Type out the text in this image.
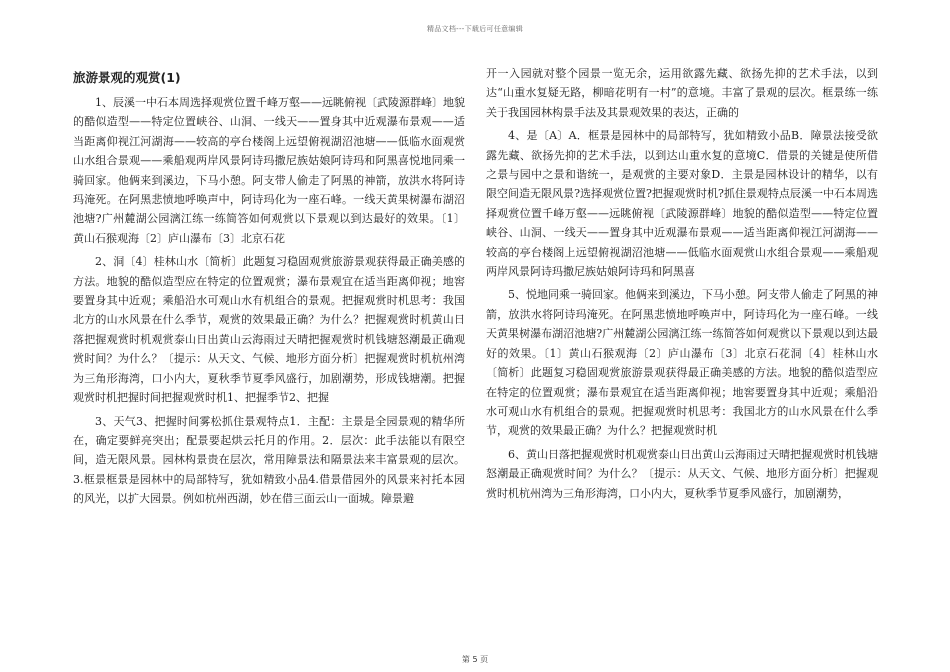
精品文档---下载后可任意编辑
旅游景观的观赏(1)

1、辰溪一中石本周选择观赏位置千峰万壑——远眺俯视〔武陵源群峰〕地貌的酷似造型——特定位置峡谷、山洞、一线天——置身其中近观瀑布景观——适当距离仰视江河湖海——较高的亭台楼阁上远望俯视湖沼池塘——低临水面观赏山水组合景观——乘船观两岸风景阿诗玛撒尼族姑娘阿诗玛和阿黑喜悦地同乘一骑回家。他俩来到溪边，下马小憩。阿支带人偷走了阿黑的神箭，放洪水将阿诗玛淹死。在阿黑悲愤地呼唤声中，阿诗玛化为一座石峰。一线天黄果树瀑布湖沼池塘?广州麓湖公园漓江练一练简答如何观赏以下景观以到达最好的效果。〔1〕黄山石猴观海〔2〕庐山瀑布〔3〕北京石花

2、洞〔4〕桂林山水〔简析〕此题复习稳固观赏旅游景观获得最正确美感的方法。地貌的酷似造型应在特定的位置观赏；瀑布景观宜在适当距离仰视；地窖要置身其中近观；乘船沿水可观山水有机组合的景观。把握观赏时机思考：我国北方的山水风景在什么季节，观赏的效果最正确？为什么？把握观赏时机黄山日落把握观赏时机观赏泰山日出黄山云海雨过天晴把握观赏时机钱塘怒潮最正确观赏时间？为什么？〔提示：从天文、气候、地形方面分析〕把握观赏时机杭州湾为三角形海湾，口小内大，夏秋季节夏季风盛行，加剧潮势，形成钱塘潮。把握观赏时机把握时间把握观赏时机1、把握季节2、把握

3、天气3、把握时间雾松抓住景观特点1．主配：主景是全园景观的精华所在，确定要鲜亮突出；配景要起烘云托月的作用。2．层次：此手法能以有限空间，造无限风景。园林构景贵在层次，常用障景法和隔景法来丰富景观的层次。3.框景框景是园林中的局部特写，犹如精致小品4.借景借园外的风景来衬托本园的风光，以扩大园景。例如杭州西湖，妙在借三面云山一面城。障景避

开一入园就对整个园景一览无余，运用欲露先藏、欲扬先抑的艺术手法，以到达“山重水复疑无路，柳暗花明有一村”的意境。丰富了景观的层次。框景练一练关于我国园林构景手法及其景观效果的表达，正确的

4、是〔A〕A．框景是园林中的局部特写，犹如精致小品B．障景法接受欲露先藏、欲扬先抑的艺术手法，以到达山重水复的意境C．借景的关键是使所借之景与园中之景和谐统一，是观赏的主要对象D．主景是园林设计的精华，以有限空间造无限风景?选择观赏位置?把握观赏时机?抓住景观特点辰溪一中石本周选择观赏位置千峰万壑——远眺俯视〔武陵源群峰〕地貌的酷似造型——特定位置峡谷、山洞、一线天——置身其中近观瀑布景观——适当距离仰视江河湖海——较高的亭台楼阁上远望俯视湖沼池塘——低临水面观赏山水组合景观——乘船观两岸风景阿诗玛撒尼族姑娘阿诗玛和阿黑喜

5、悦地同乘一骑回家。他俩来到溪边，下马小憩。阿支带人偷走了阿黑的神箭，放洪水将阿诗玛淹死。在阿黑悲愤地呼唤声中，阿诗玛化为一座石峰。一线天黄果树瀑布湖沼池塘?广州麓湖公园漓江练一练简答如何观赏以下景观以到达最好的效果。〔1〕黄山石猴观海〔2〕庐山瀑布〔3〕北京石花洞〔4〕桂林山水〔简析〕此题复习稳固观赏旅游景观获得最正确美感的方法。地貌的酷似造型应在特定的位置观赏；瀑布景观宜在适当距离仰视；地窖要置身其中近观；乘船沿水可观山水有机组合的景观。把握观赏时机思考：我国北方的山水风景在什么季节，观赏的效果最正确？为什么？把握观赏时机

6、黄山日落把握观赏时机观赏泰山日出黄山云海雨过天晴把握观赏时机钱塘怒潮最正确观赏时间？为什么？〔提示：从天文、气候、地形方面分析〕把握观赏时机杭州湾为三角形海湾，口小内大，夏秋季节夏季风盛行，加剧潮势，

第 5 页
